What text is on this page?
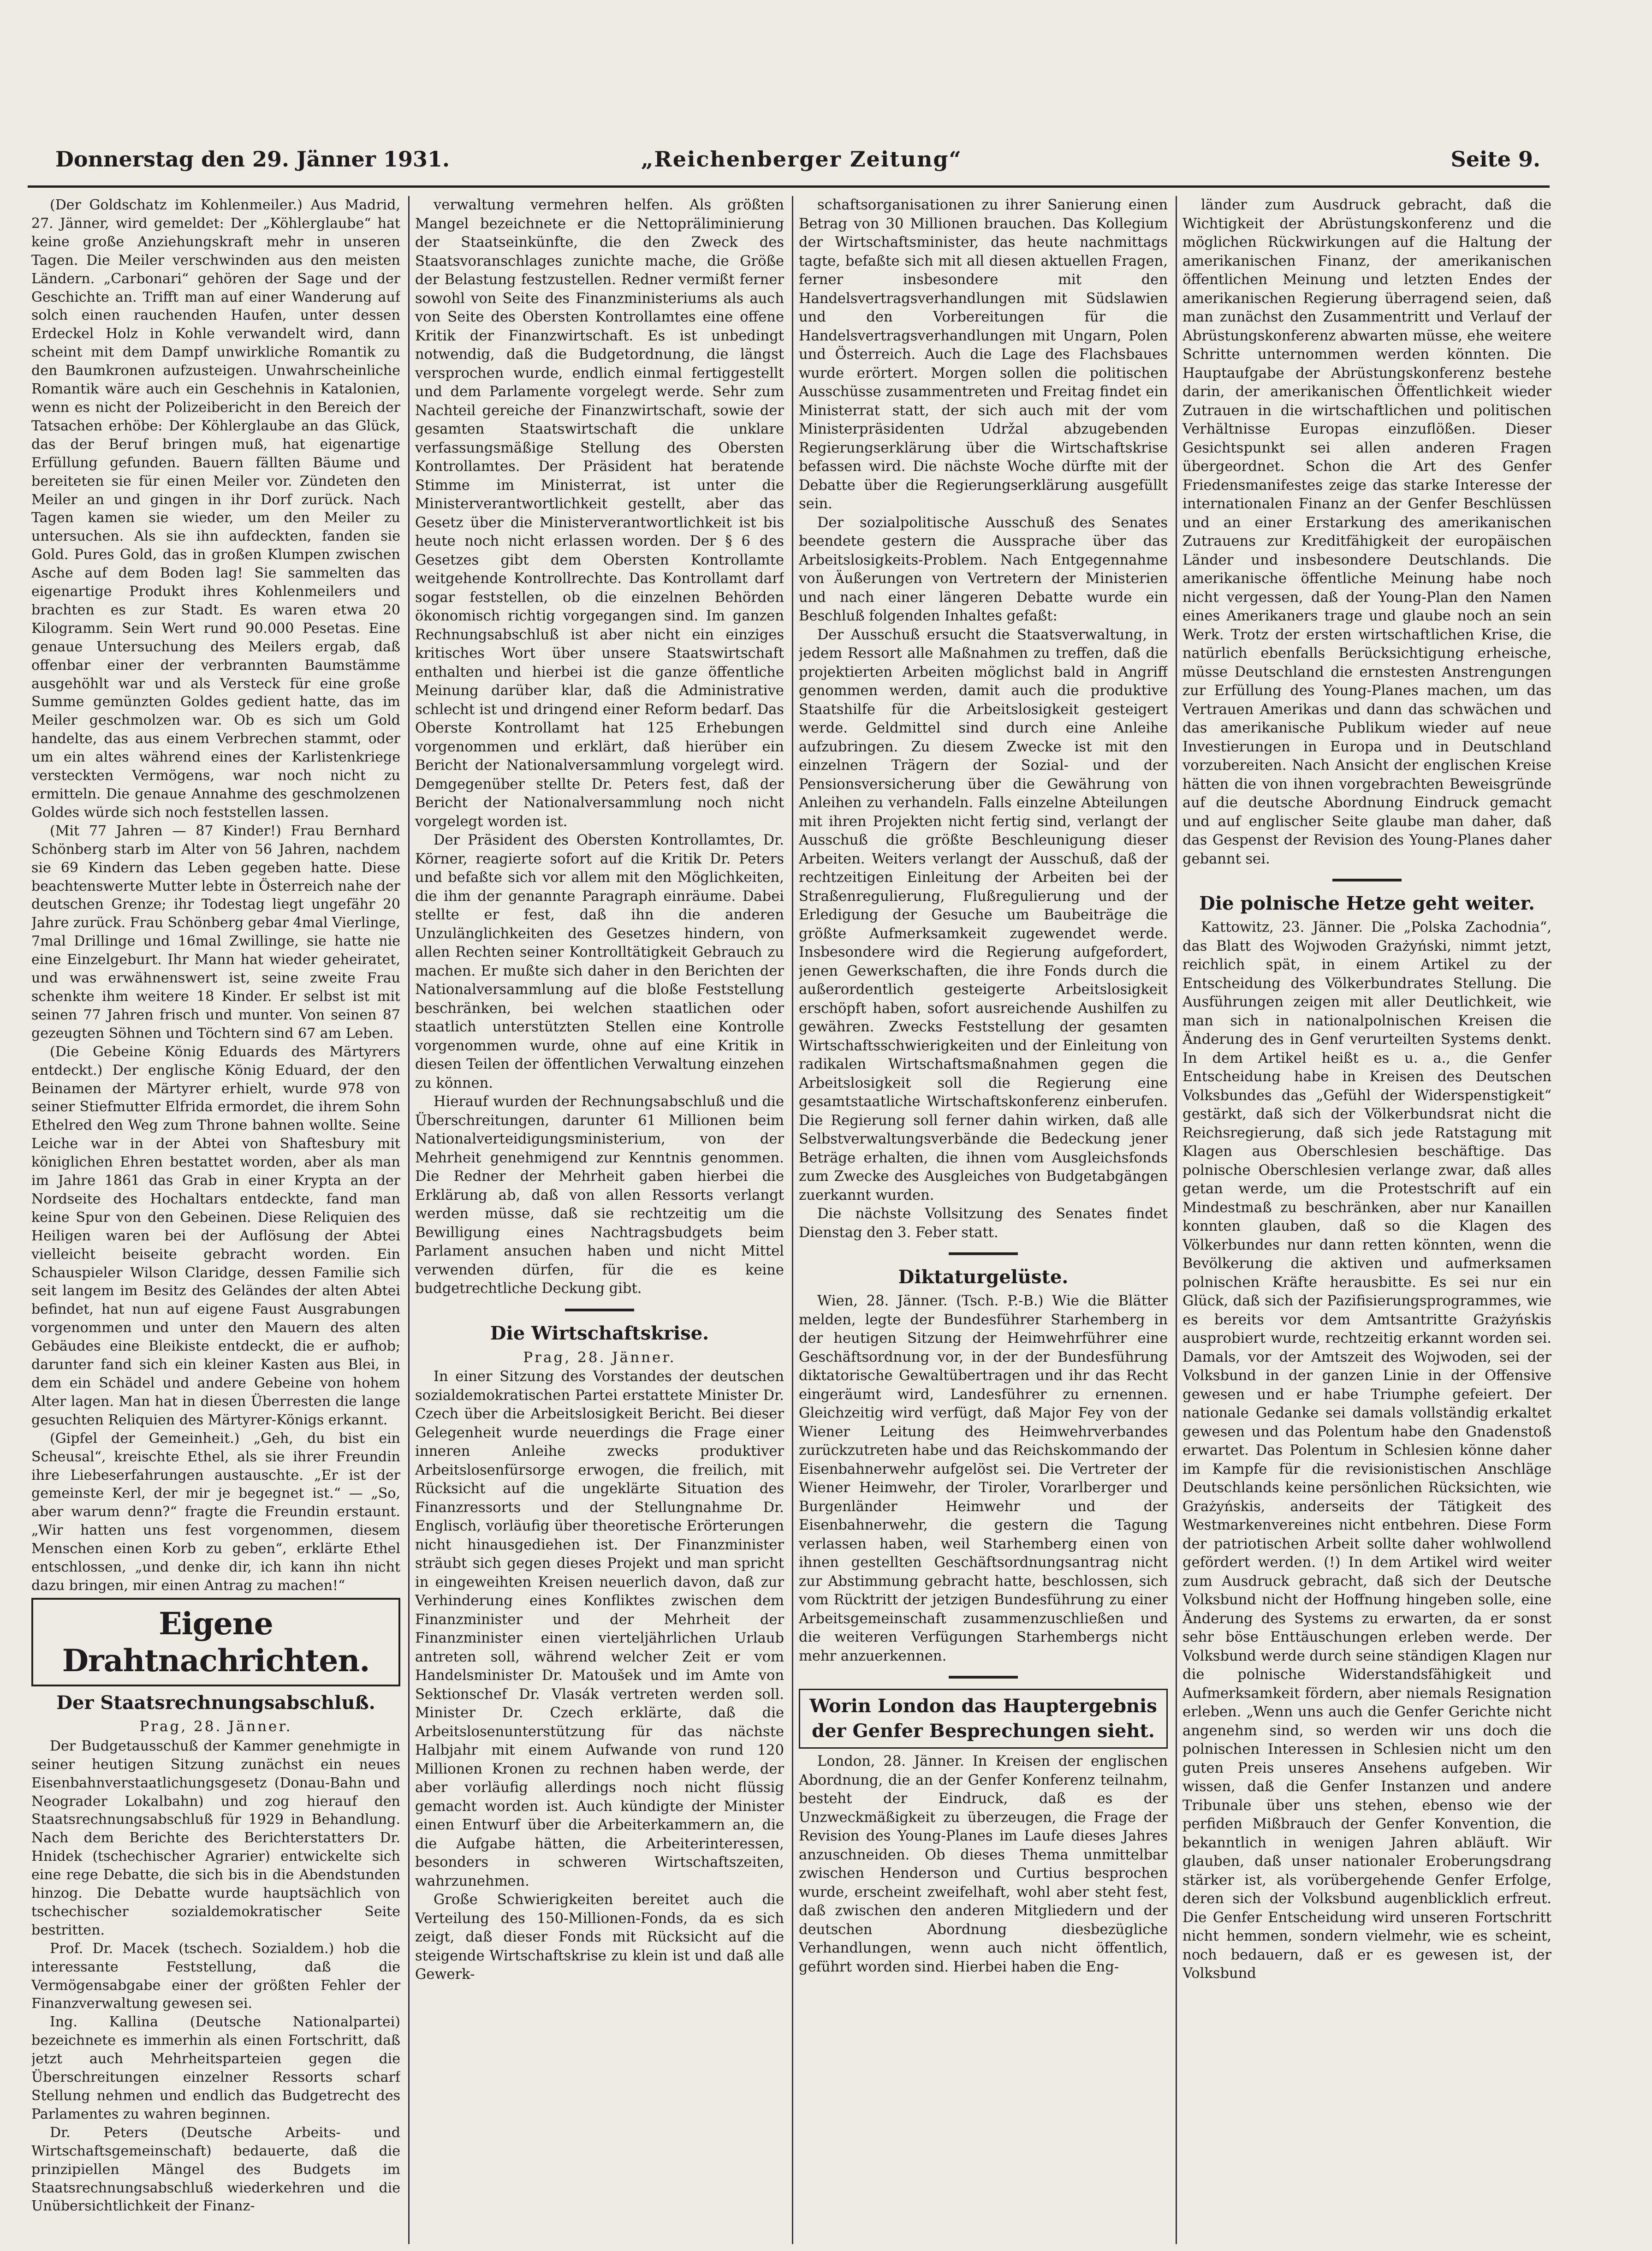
Donnerstag den 29. Jänner 1931.	„Reichenberger Zeitung“	Seite 9.

(Der Goldschatz im Kohlenmeiler.) Aus Madrid, 27. Jänner, wird gemeldet: Der „Köhlerglaube“ hat keine große Anziehungskraft mehr in unseren Tagen. Die Meiler verschwinden aus den meisten Ländern. „Carbonari“ gehören der Sage und der Geschichte an. Trifft man auf einer Wanderung auf solch einen rauchenden Haufen, unter dessen Erdeckel Holz in Kohle verwandelt wird, dann scheint mit dem Dampf unwirkliche Romantik zu den Baumkronen aufzusteigen. Unwahrscheinliche Romantik wäre auch ein Geschehnis in Katalonien, wenn es nicht der Polizeibericht in den Bereich der Tatsachen erhöbe: Der Köhlerglaube an das Glück, das der Beruf bringen muß, hat eigenartige Erfüllung gefunden. Bauern fällten Bäume und bereiteten sie für einen Meiler vor. Zündeten den Meiler an und gingen in ihr Dorf zurück. Nach Tagen kamen sie wieder, um den Meiler zu untersuchen. Als sie ihn aufdeckten, fanden sie Gold. Pures Gold, das in großen Klumpen zwischen Asche auf dem Boden lag! Sie sammelten das eigenartige Produkt ihres Kohlenmeilers und brachten es zur Stadt. Es waren etwa 20 Kilogramm. Sein Wert rund 90.000 Pesetas. Eine genaue Untersuchung des Meilers ergab, daß offenbar einer der verbrannten Baumstämme ausgehöhlt war und als Versteck für eine große Summe gemünzten Goldes gedient hatte, das im Meiler geschmolzen war. Ob es sich um Gold handelte, das aus einem Verbrechen stammt, oder um ein altes während eines der Karlistenkriege versteckten Vermögens, war noch nicht zu ermitteln. Die genaue Annahme des geschmolzenen Goldes würde sich noch feststellen lassen.

(Mit 77 Jahren — 87 Kinder!) Frau Bernhard Schönberg starb im Alter von 56 Jahren, nachdem sie 69 Kindern das Leben gegeben hatte. Diese beachtenswerte Mutter lebte in Österreich nahe der deutschen Grenze; ihr Todestag liegt ungefähr 20 Jahre zurück. Frau Schönberg gebar 4mal Vierlinge, 7mal Drillinge und 16mal Zwillinge, sie hatte nie eine Einzelgeburt. Ihr Mann hat wieder geheiratet, und was erwähnenswert ist, seine zweite Frau schenkte ihm weitere 18 Kinder. Er selbst ist mit seinen 77 Jahren frisch und munter. Von seinen 87 gezeugten Söhnen und Töchtern sind 67 am Leben.

(Die Gebeine König Eduards des Märtyrers entdeckt.) Der englische König Eduard, der den Beinamen der Märtyrer erhielt, wurde 978 von seiner Stiefmutter Elfrida ermordet, die ihrem Sohn Ethelred den Weg zum Throne bahnen wollte. Seine Leiche war in der Abtei von Shaftesbury mit königlichen Ehren bestattet worden, aber als man im Jahre 1861 das Grab in einer Krypta an der Nordseite des Hochaltars entdeckte, fand man keine Spur von den Gebeinen. Diese Reliquien des Heiligen waren bei der Auflösung der Abtei vielleicht beiseite gebracht worden. Ein Schauspieler Wilson Claridge, dessen Familie sich seit langem im Besitz des Geländes der alten Abtei befindet, hat nun auf eigene Faust Ausgrabungen vorgenommen und unter den Mauern des alten Gebäudes eine Bleikiste entdeckt, die er aufhob; darunter fand sich ein kleiner Kasten aus Blei, in dem ein Schädel und andere Gebeine von hohem Alter lagen. Man hat in diesen Überresten die lange gesuchten Reliquien des Märtyrer-Königs erkannt.

(Gipfel der Gemeinheit.) „Geh, du bist ein Scheusal“, kreischte Ethel, als sie ihrer Freundin ihre Liebeserfahrungen austauschte. „Er ist der gemeinste Kerl, der mir je begegnet ist.“ — „So, aber warum denn?“ fragte die Freundin erstaunt. „Wir hatten uns fest vorgenommen, diesem Menschen einen Korb zu geben“, erklärte Ethel entschlossen, „und denke dir, ich kann ihn nicht dazu bringen, mir einen Antrag zu machen!“

Eigene Drahtnachrichten.
Der Staatsrechnungsabschluß.
Prag, 28. Jänner.

Der Budgetausschuß der Kammer genehmigte in seiner heutigen Sitzung zunächst ein neues Eisenbahnverstaatlichungsgesetz (Donau-Bahn und Neograder Lokalbahn) und zog hierauf den Staatsrechnungsabschluß für 1929 in Behandlung. Nach dem Berichte des Berichterstatters Dr. Hnidek (tschechischer Agrarier) entwickelte sich eine rege Debatte, die sich bis in die Abendstunden hinzog. Die Debatte wurde hauptsächlich von tschechischer sozialdemokratischer Seite bestritten.

Prof. Dr. Macek (tschech. Sozialdem.) hob die interessante Feststellung, daß die Vermögensabgabe einer der größten Fehler der Finanzverwaltung gewesen sei.

Ing. Kallina (Deutsche Nationalpartei) bezeichnete es immerhin als einen Fortschritt, daß jetzt auch Mehrheitsparteien gegen die Überschreitungen einzelner Ressorts scharf Stellung nehmen und endlich das Budgetrecht des Parlamentes zu wahren beginnen.

Dr. Peters (Deutsche Arbeits- und Wirtschaftsgemeinschaft) bedauerte, daß die prinzipiellen Mängel des Budgets im Staatsrechnungsabschluß wiederkehren und die Unübersichtlichkeit der Finanz-

verwaltung vermehren helfen. Als größten Mangel bezeichnete er die Nettopräliminierung der Staatseinkünfte, die den Zweck des Staatsvoranschlages zunichte mache, die Größe der Belastung festzustellen. Redner vermißt ferner sowohl von Seite des Finanzministeriums als auch von Seite des Obersten Kontrollamtes eine offene Kritik der Finanzwirtschaft. Es ist unbedingt notwendig, daß die Budgetordnung, die längst versprochen wurde, endlich einmal fertiggestellt und dem Parlamente vorgelegt werde. Sehr zum Nachteil gereiche der Finanzwirtschaft, sowie der gesamten Staatswirtschaft die unklare verfassungsmäßige Stellung des Obersten Kontrollamtes. Der Präsident hat beratende Stimme im Ministerrat, ist unter die Ministerverantwortlichkeit gestellt, aber das Gesetz über die Ministerverantwortlichkeit ist bis heute noch nicht erlassen worden. Der § 6 des Gesetzes gibt dem Obersten Kontrollamte weitgehende Kontrollrechte. Das Kontrollamt darf sogar feststellen, ob die einzelnen Behörden ökonomisch richtig vorgegangen sind. Im ganzen Rechnungsabschluß ist aber nicht ein einziges kritisches Wort über unsere Staatswirtschaft enthalten und hierbei ist die ganze öffentliche Meinung darüber klar, daß die Administrative schlecht ist und dringend einer Reform bedarf. Das Oberste Kontrollamt hat 125 Erhebungen vorgenommen und erklärt, daß hierüber ein Bericht der Nationalversammlung vorgelegt wird. Demgegenüber stellte Dr. Peters fest, daß der Bericht der Nationalversammlung noch nicht vorgelegt worden ist.

Der Präsident des Obersten Kontrollamtes, Dr. Körner, reagierte sofort auf die Kritik Dr. Peters und befaßte sich vor allem mit den Möglichkeiten, die ihm der genannte Paragraph einräume. Dabei stellte er fest, daß ihn die anderen Unzulänglichkeiten des Gesetzes hindern, von allen Rechten seiner Kontrolltätigkeit Gebrauch zu machen. Er mußte sich daher in den Berichten der Nationalversammlung auf die bloße Feststellung beschränken, bei welchen staatlichen oder staatlich unterstützten Stellen eine Kontrolle vorgenommen wurde, ohne auf eine Kritik in diesen Teilen der öffentlichen Verwaltung einzehen zu können.

Hierauf wurden der Rechnungsabschluß und die Überschreitungen, darunter 61 Millionen beim Nationalverteidigungsministerium, von der Mehrheit genehmigend zur Kenntnis genommen. Die Redner der Mehrheit gaben hierbei die Erklärung ab, daß von allen Ressorts verlangt werden müsse, daß sie rechtzeitig um die Bewilligung eines Nachtragsbudgets beim Parlament ansuchen haben und nicht Mittel verwenden dürfen, für die es keine budgetrechtliche Deckung gibt.

Die Wirtschaftskrise.
Prag, 28. Jänner.

In einer Sitzung des Vorstandes der deutschen sozialdemokratischen Partei erstattete Minister Dr. Czech über die Arbeitslosigkeit Bericht. Bei dieser Gelegenheit wurde neuerdings die Frage einer inneren Anleihe zwecks produktiver Arbeitslosenfürsorge erwogen, die freilich, mit Rücksicht auf die ungeklärte Situation des Finanzressorts und der Stellungnahme Dr. Englisch, vorläufig über theoretische Erörterungen nicht hinausgediehen ist. Der Finanzminister sträubt sich gegen dieses Projekt und man spricht in eingeweihten Kreisen neuerlich davon, daß zur Verhinderung eines Konfliktes zwischen dem Finanzminister und der Mehrheit der Finanzminister einen vierteljährlichen Urlaub antreten soll, während welcher Zeit er vom Handelsminister Dr. Matoušek und im Amte von Sektionschef Dr. Vlasák vertreten werden soll. Minister Dr. Czech erklärte, daß die Arbeitslosenunterstützung für das nächste Halbjahr mit einem Aufwande von rund 120 Millionen Kronen zu rechnen haben werde, der aber vorläufig allerdings noch nicht flüssig gemacht worden ist. Auch kündigte der Minister einen Entwurf über die Arbeiterkammern an, die die Aufgabe hätten, die Arbeiterinteressen, besonders in schweren Wirtschaftszeiten, wahrzunehmen.

Große Schwierigkeiten bereitet auch die Verteilung des 150-Millionen-Fonds, da es sich zeigt, daß dieser Fonds mit Rücksicht auf die steigende Wirtschaftskrise zu klein ist und daß alle Gewerk-

schaftsorganisationen zu ihrer Sanierung einen Betrag von 30 Millionen brauchen. Das Kollegium der Wirtschaftsminister, das heute nachmittags tagte, befaßte sich mit all diesen aktuellen Fragen, ferner insbesondere mit den Handelsvertragsverhandlungen mit Südslawien und den Vorbereitungen für die Handelsvertragsverhandlungen mit Ungarn, Polen und Österreich. Auch die Lage des Flachsbaues wurde erörtert. Morgen sollen die politischen Ausschüsse zusammentreten und Freitag findet ein Ministerrat statt, der sich auch mit der vom Ministerpräsidenten Udržal abzugebenden Regierungserklärung über die Wirtschaftskrise befassen wird. Die nächste Woche dürfte mit der Debatte über die Regierungserklärung ausgefüllt sein.

Der sozialpolitische Ausschuß des Senates beendete gestern die Aussprache über das Arbeitslosigkeits-Problem. Nach Entgegennahme von Äußerungen von Vertretern der Ministerien und nach einer längeren Debatte wurde ein Beschluß folgenden Inhaltes gefaßt:

Der Ausschuß ersucht die Staatsverwaltung, in jedem Ressort alle Maßnahmen zu treffen, daß die projektierten Arbeiten möglichst bald in Angriff genommen werden, damit auch die produktive Staatshilfe für die Arbeitslosigkeit gesteigert werde. Geldmittel sind durch eine Anleihe aufzubringen. Zu diesem Zwecke ist mit den einzelnen Trägern der Sozial- und der Pensionsversicherung über die Gewährung von Anleihen zu verhandeln. Falls einzelne Abteilungen mit ihren Projekten nicht fertig sind, verlangt der Ausschuß die größte Beschleunigung dieser Arbeiten. Weiters verlangt der Ausschuß, daß der rechtzeitigen Einleitung der Arbeiten bei der Straßenregulierung, Flußregulierung und der Erledigung der Gesuche um Baubeiträge die größte Aufmerksamkeit zugewendet werde. Insbesondere wird die Regierung aufgefordert, jenen Gewerkschaften, die ihre Fonds durch die außerordentlich gesteigerte Arbeitslosigkeit erschöpft haben, sofort ausreichende Aushilfen zu gewähren. Zwecks Feststellung der gesamten Wirtschaftsschwierigkeiten und der Einleitung von radikalen Wirtschaftsmaßnahmen gegen die Arbeitslosigkeit soll die Regierung eine gesamtstaatliche Wirtschaftskonferenz einberufen. Die Regierung soll ferner dahin wirken, daß alle Selbstverwaltungsverbände die Bedeckung jener Beträge erhalten, die ihnen vom Ausgleichsfonds zum Zwecke des Ausgleiches von Budgetabgängen zuerkannt wurden.

Die nächste Vollsitzung des Senates findet Dienstag den 3. Feber statt.

Diktaturgelüste.

Wien, 28. Jänner. (Tsch. P.-B.) Wie die Blätter melden, legte der Bundesführer Starhemberg in der heutigen Sitzung der Heimwehrführer eine Geschäftsordnung vor, in der der Bundesführung diktatorische Gewaltübertragen und ihr das Recht eingeräumt wird, Landesführer zu ernennen. Gleichzeitig wird verfügt, daß Major Fey von der Wiener Leitung des Heimwehrverbandes zurückzutreten habe und das Reichskommando der Eisenbahnerwehr aufgelöst sei. Die Vertreter der Wiener Heimwehr, der Tiroler, Vorarlberger und Burgenländer Heimwehr und der Eisenbahnerwehr, die gestern die Tagung verlassen haben, weil Starhemberg einen von ihnen gestellten Geschäftsordnungsantrag nicht zur Abstimmung gebracht hatte, beschlossen, sich vom Rücktritt der jetzigen Bundesführung zu einer Arbeitsgemeinschaft zusammenzuschließen und die weiteren Verfügungen Starhembergs nicht mehr anzuerkennen.

Worin London das Hauptergebnis der Genfer Besprechungen sieht.

London, 28. Jänner. In Kreisen der englischen Abordnung, die an der Genfer Konferenz teilnahm, besteht der Eindruck, daß es der Unzweckmäßigkeit zu überzeugen, die Frage der Revision des Young-Planes im Laufe dieses Jahres anzuschneiden. Ob dieses Thema unmittelbar zwischen Henderson und Curtius besprochen wurde, erscheint zweifelhaft, wohl aber steht fest, daß zwischen den anderen Mitgliedern und der deutschen Abordnung diesbezügliche Verhandlungen, wenn auch nicht öffentlich, geführt worden sind. Hierbei haben die Eng-

länder zum Ausdruck gebracht, daß die Wichtigkeit der Abrüstungskonferenz und die möglichen Rückwirkungen auf die Haltung der amerikanischen Finanz, der amerikanischen öffentlichen Meinung und letzten Endes der amerikanischen Regierung überragend seien, daß man zunächst den Zusammentritt und Verlauf der Abrüstungskonferenz abwarten müsse, ehe weitere Schritte unternommen werden könnten. Die Hauptaufgabe der Abrüstungskonferenz bestehe darin, der amerikanischen Öffentlichkeit wieder Zutrauen in die wirtschaftlichen und politischen Verhältnisse Europas einzuflößen. Dieser Gesichtspunkt sei allen anderen Fragen übergeordnet. Schon die Art des Genfer Friedensmanifestes zeige das starke Interesse der internationalen Finanz an der Genfer Beschlüssen und an einer Erstarkung des amerikanischen Zutrauens zur Kreditfähigkeit der europäischen Länder und insbesondere Deutschlands. Die amerikanische öffentliche Meinung habe noch nicht vergessen, daß der Young-Plan den Namen eines Amerikaners trage und glaube noch an sein Werk. Trotz der ersten wirtschaftlichen Krise, die natürlich ebenfalls Berücksichtigung erheische, müsse Deutschland die ernstesten Anstrengungen zur Erfüllung des Young-Planes machen, um das Vertrauen Amerikas und dann das schwächen und das amerikanische Publikum wieder auf neue Investierungen in Europa und in Deutschland vorzubereiten. Nach Ansicht der englischen Kreise hätten die von ihnen vorgebrachten Beweisgründe auf die deutsche Abordnung Eindruck gemacht und auf englischer Seite glaube man daher, daß das Gespenst der Revision des Young-Planes daher gebannt sei.

Die polnische Hetze geht weiter.

Kattowitz, 23. Jänner. Die „Polska Zachodnia“, das Blatt des Wojwoden Grażyński, nimmt jetzt, reichlich spät, in einem Artikel zu der Entscheidung des Völkerbundrates Stellung. Die Ausführungen zeigen mit aller Deutlichkeit, wie man sich in nationalpolnischen Kreisen die Änderung des in Genf verurteilten Systems denkt. In dem Artikel heißt es u. a., die Genfer Entscheidung habe in Kreisen des Deutschen Volksbundes das „Gefühl der Widerspenstigkeit“ gestärkt, daß sich der Völkerbundsrat nicht die Reichsregierung, daß sich jede Ratstagung mit Klagen aus Oberschlesien beschäftige. Das polnische Oberschlesien verlange zwar, daß alles getan werde, um die Protestschrift auf ein Mindestmaß zu beschränken, aber nur Kanaillen konnten glauben, daß so die Klagen des Völkerbundes nur dann retten könnten, wenn die Bevölkerung die aktiven und aufmerksamen polnischen Kräfte herausbitte. Es sei nur ein Glück, daß sich der Pazifisierungsprogrammes, wie es bereits vor dem Amtsantritte Grażyńskis ausprobiert wurde, rechtzeitig erkannt worden sei. Damals, vor der Amtszeit des Wojwoden, sei der Volksbund in der ganzen Linie in der Offensive gewesen und er habe Triumphe gefeiert. Der nationale Gedanke sei damals vollständig erkaltet gewesen und das Polentum habe den Gnadenstoß erwartet. Das Polentum in Schlesien könne daher im Kampfe für die revisionistischen Anschläge Deutschlands keine persönlichen Rücksichten, wie Grażyńskis, anderseits der Tätigkeit des Westmarkenvereines nicht entbehren. Diese Form der patriotischen Arbeit sollte daher wohlwollend gefördert werden. (!) In dem Artikel wird weiter zum Ausdruck gebracht, daß sich der Deutsche Volksbund nicht der Hoffnung hingeben solle, eine Änderung des Systems zu erwarten, da er sonst sehr böse Enttäuschungen erleben werde. Der Volksbund werde durch seine ständigen Klagen nur die polnische Widerstandsfähigkeit und Aufmerksamkeit fördern, aber niemals Resignation erleben. „Wenn uns auch die Genfer Gerichte nicht angenehm sind, so werden wir uns doch die polnischen Interessen in Schlesien nicht um den guten Preis unseres Ansehens aufgeben. Wir wissen, daß die Genfer Instanzen und andere Tribunale über uns stehen, ebenso wie der perfiden Mißbrauch der Genfer Konvention, die bekanntlich in wenigen Jahren abläuft. Wir glauben, daß unser nationaler Eroberungsdrang stärker ist, als vorübergehende Genfer Erfolge, deren sich der Volksbund augenblicklich erfreut. Die Genfer Entscheidung wird unseren Fortschritt nicht hemmen, sondern vielmehr, wie es scheint, noch bedauern, daß er es gewesen ist, der Volksbund
